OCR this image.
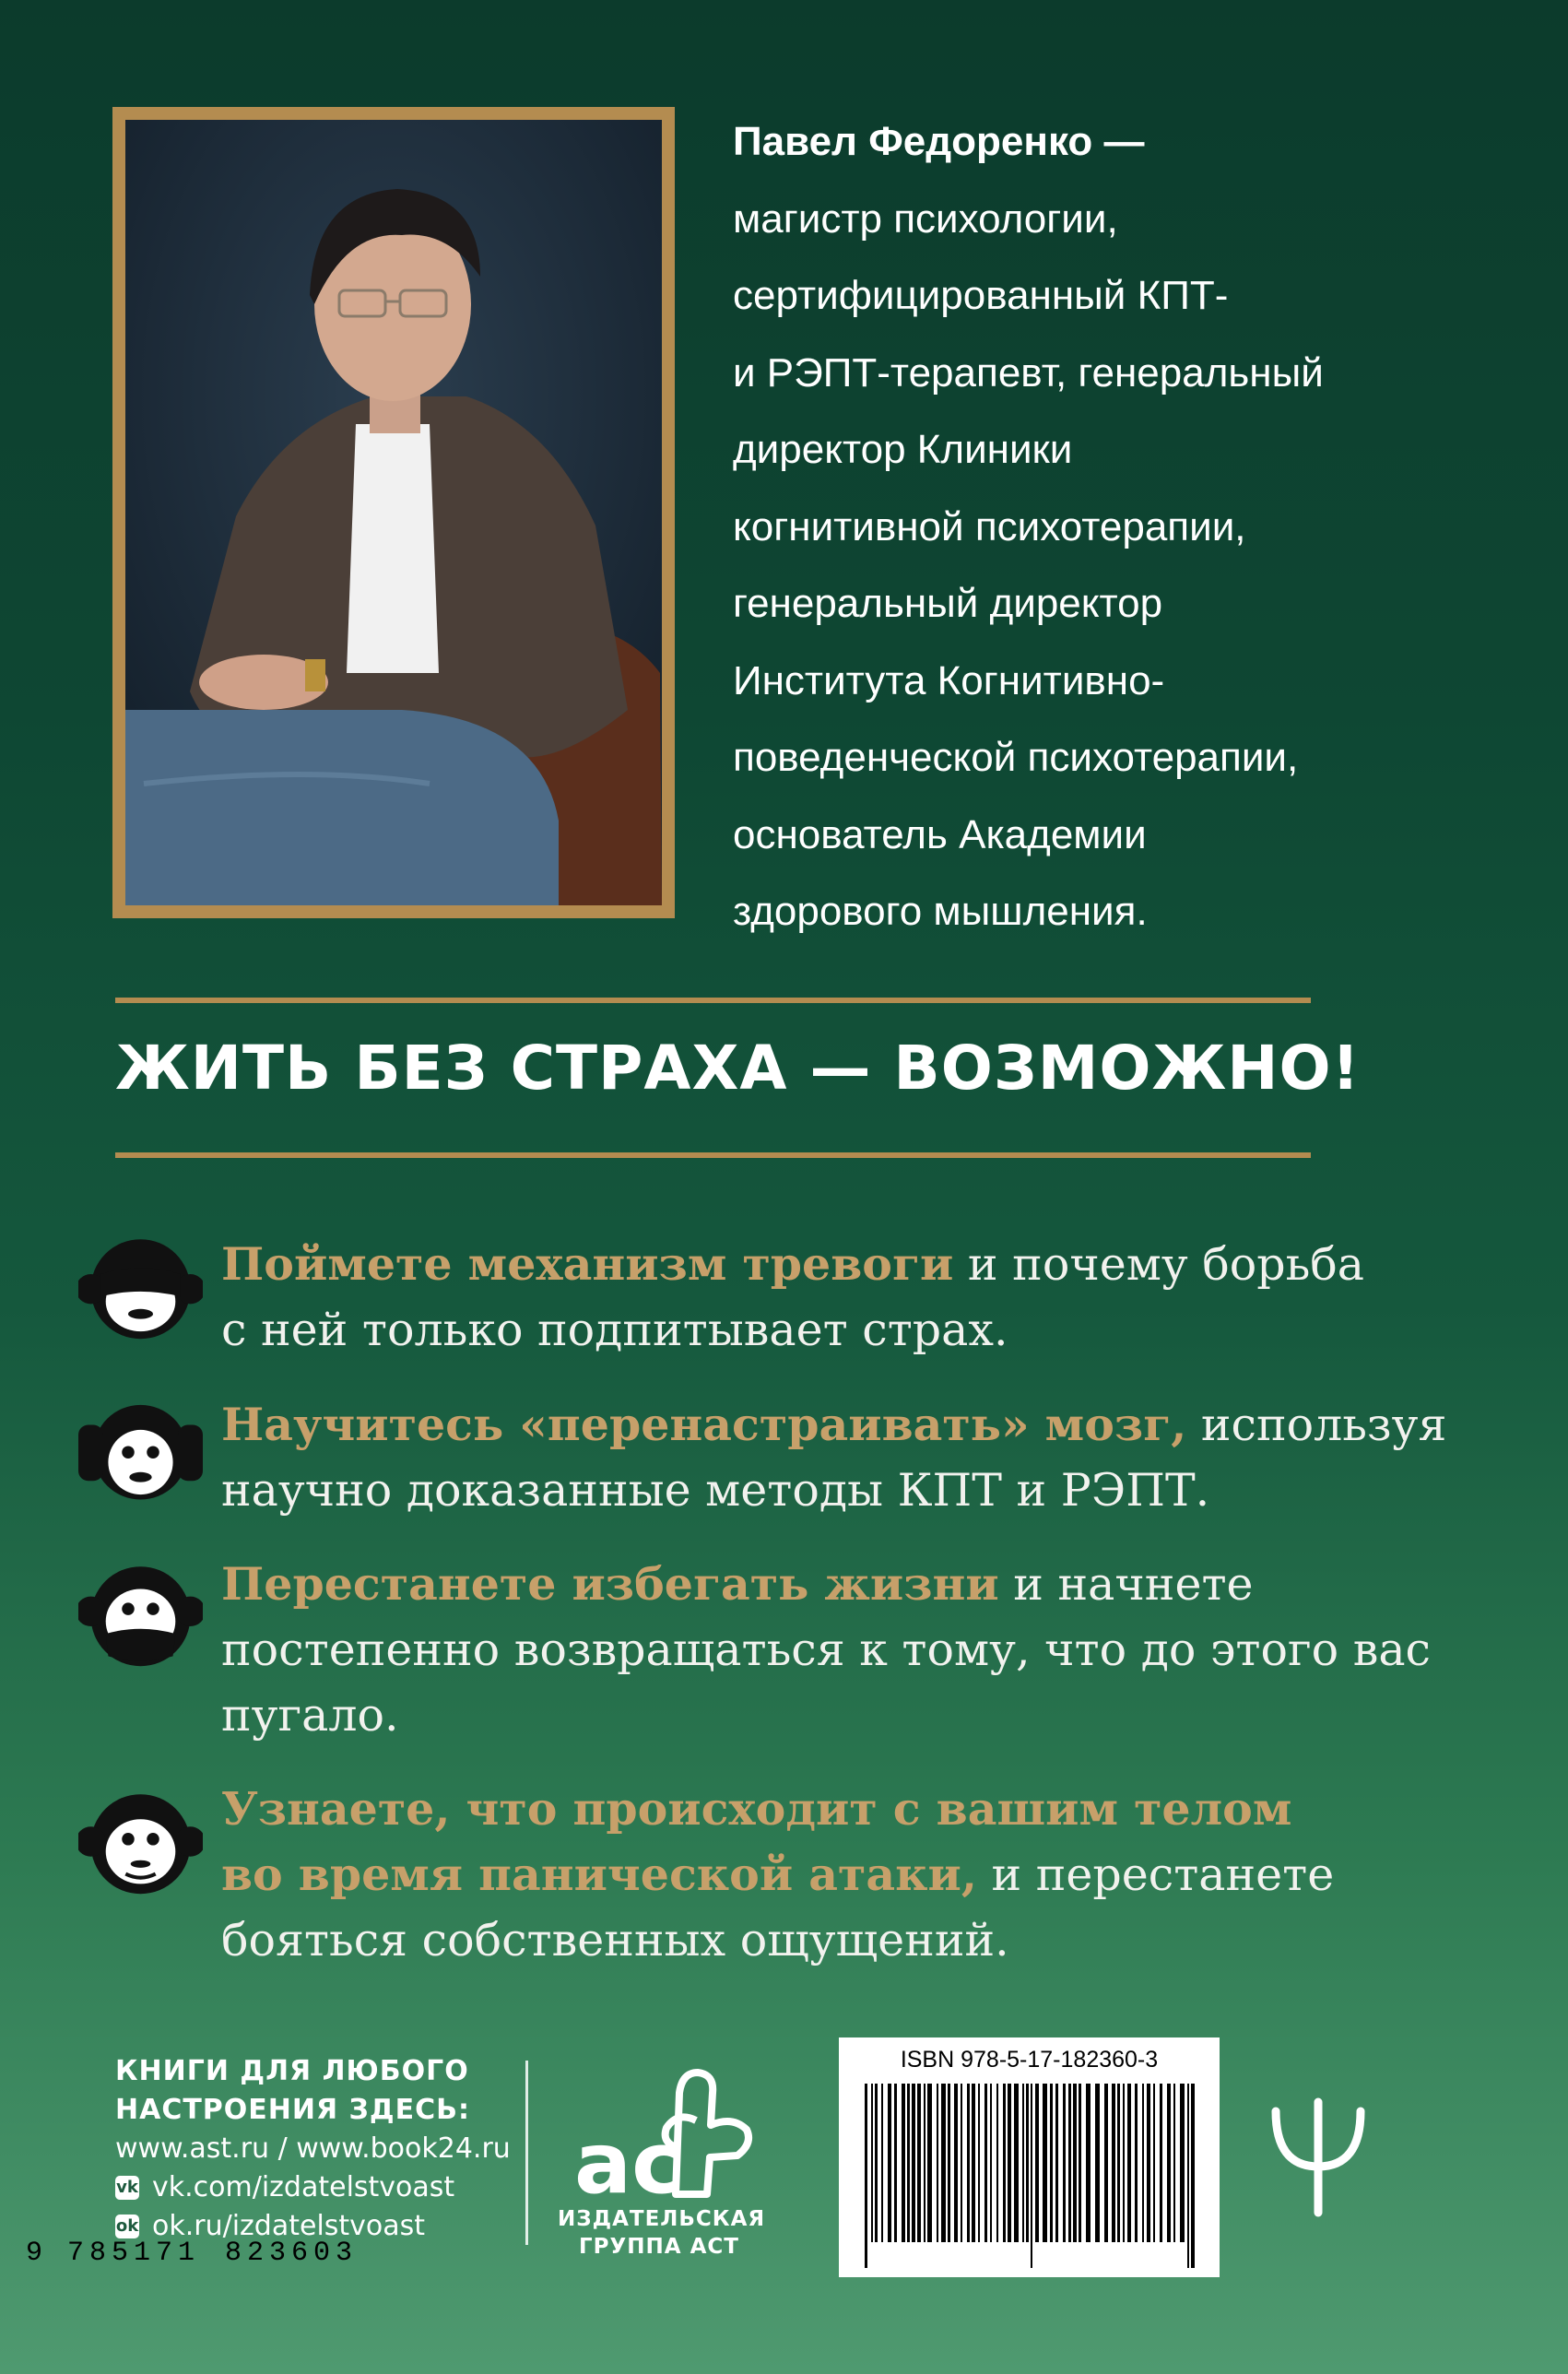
Павел Федоренко —
магистр психологии,
сертифицированный КПТ-
и РЭПТ-терапевт, генеральный
директор Клиники
когнитивной психотерапии,
генеральный директор
Института Когнитивно-
поведенческой психотерапии,
основатель Академии
здорового мышления.
ЖИТЬ БЕЗ СТРАХА — ВОЗМОЖНО!
Поймете механизм тревоги и почему борьба
с ней только подпитывает страх.
Научитесь «перенастраивать» мозг, используя
научно доказанные методы КПТ и РЭПТ.
Перестанете избегать жизни и начнете
постепенно возвращаться к тому, что до этого вас
пугало.
Узнаете, что происходит с вашим телом
во время панической атаки, и перестанете
бояться собственных ощущений.
КНИГИ ДЛЯ ЛЮБОГО
НАСТРОЕНИЯ ЗДЕСЬ:
www.ast.ru / www.book24.ru
vk vk.com/izdatelstvoast
ok ok.ru/izdatelstvoast
ac
ИЗДАТЕЛЬСКАЯ
ГРУППА АСТ
ISBN 978-5-17-182360-3
9 785171 823603
